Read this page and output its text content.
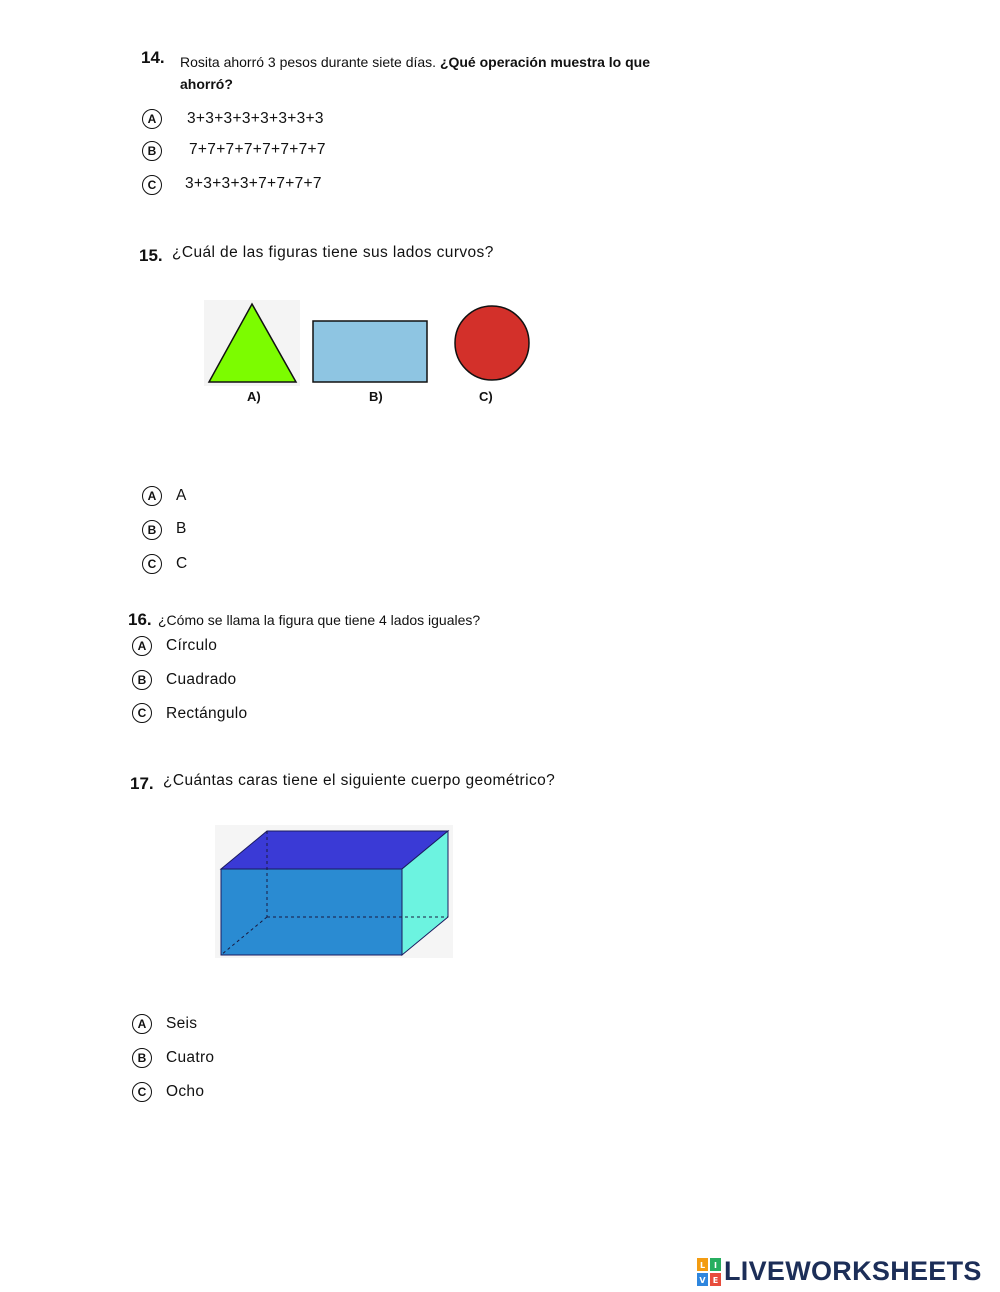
14. Rosita ahorró 3 pesos durante siete días. ¿Qué operación muestra lo que
ahorró?
A	3+3+3+3+3+3+3+3
B	7+7+7+7+7+7+7+7
C	3+3+3+3+7+7+7+7
15. ¿Cuál de las figuras tiene sus lados curvos?
A)	B)	C)
A	A
B	B
C	C
16. ¿Cómo se llama la figura que tiene 4 lados iguales?
A	Círculo
B	Cuadrado
C	Rectángulo
17. ¿Cuántas caras tiene el siguiente cuerpo geométrico?
A	Seis
B	Cuatro
C	Ocho
L I
V E LIVEWORKSHEETS
